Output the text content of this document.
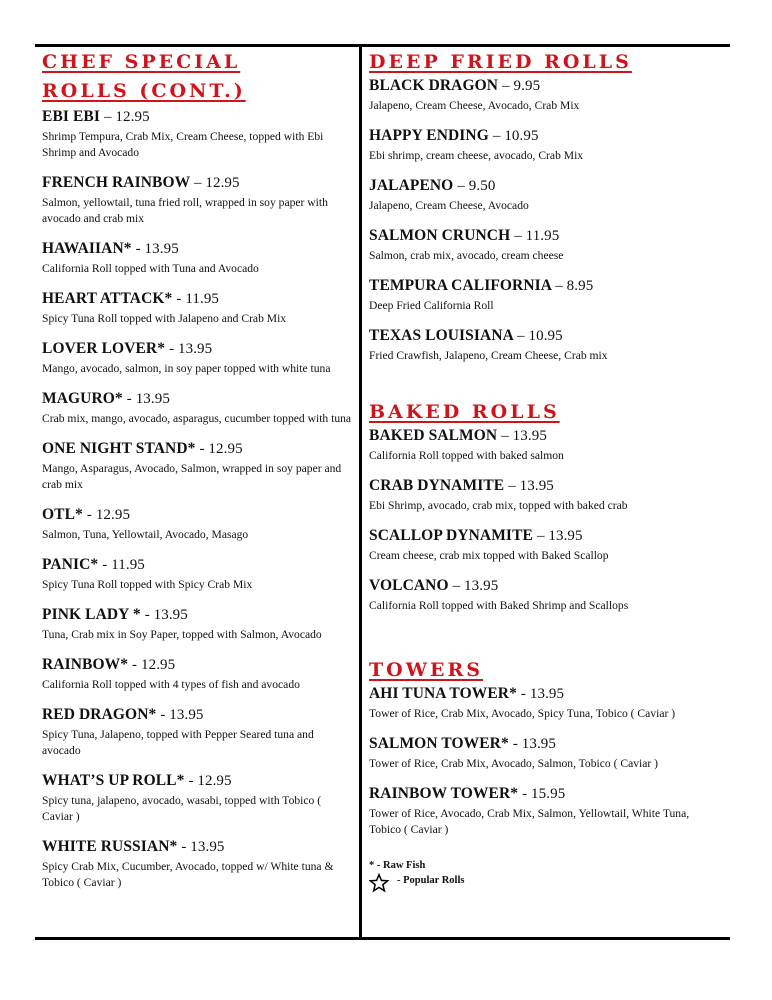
CHEF SPECIAL ROLLS (CONT.)

EBI EBI – 12.95

Shrimp Tempura, Crab Mix, Cream Cheese, topped with Ebi Shrimp and Avocado

FRENCH RAINBOW – 12.95

Salmon, yellowtail, tuna fried roll, wrapped in soy paper with avocado and crab mix

HAWAIIAN* - 13.95

California Roll topped with Tuna and Avocado

HEART ATTACK* - 11.95

Spicy Tuna Roll topped with Jalapeno and Crab Mix

LOVER LOVER* - 13.95

Mango, avocado, salmon, in soy paper topped with white tuna

MAGURO* - 13.95

Crab mix, mango, avocado, asparagus, cucumber topped with tuna

ONE NIGHT STAND* - 12.95

Mango, Asparagus, Avocado, Salmon, wrapped in soy paper and crab mix

OTL* - 12.95

Salmon, Tuna, Yellowtail, Avocado, Masago

PANIC* - 11.95

Spicy Tuna Roll topped with Spicy Crab Mix

PINK LADY * - 13.95

Tuna, Crab mix in Soy Paper, topped with Salmon, Avocado

RAINBOW* - 12.95

California Roll topped with 4 types of fish and avocado

RED DRAGON* - 13.95

Spicy Tuna, Jalapeno, topped with Pepper Seared tuna and avocado

WHAT’S UP ROLL* - 12.95

Spicy tuna, jalapeno, avocado, wasabi, topped with Tobico ( Caviar )

WHITE RUSSIAN* - 13.95

Spicy Crab Mix, Cucumber, Avocado, topped w/ White tuna & Tobico ( Caviar )

DEEP FRIED ROLLS

BLACK DRAGON – 9.95

Jalapeno, Cream Cheese, Avocado, Crab Mix

HAPPY ENDING – 10.95

Ebi shrimp, cream cheese, avocado, Crab Mix

JALAPENO – 9.50

Jalapeno, Cream Cheese, Avocado

SALMON CRUNCH – 11.95

Salmon, crab mix, avocado, cream cheese

TEMPURA CALIFORNIA – 8.95

Deep Fried California Roll

TEXAS LOUISIANA – 10.95

Fried Crawfish, Jalapeno, Cream Cheese, Crab mix

BAKED ROLLS

BAKED SALMON – 13.95

California Roll topped with baked salmon

CRAB DYNAMITE – 13.95

Ebi Shrimp, avocado, crab mix, topped with baked crab

SCALLOP DYNAMITE – 13.95

Cream cheese, crab mix topped with Baked Scallop

VOLCANO – 13.95

California Roll topped with Baked Shrimp and Scallops

TOWERS

AHI TUNA TOWER* - 13.95

Tower of Rice, Crab Mix, Avocado, Spicy Tuna, Tobico ( Caviar )

SALMON TOWER* - 13.95

Tower of Rice, Crab Mix, Avocado, Salmon, Tobico ( Caviar )

RAINBOW TOWER* - 15.95

Tower of Rice, Avocado, Crab Mix, Salmon, Yellowtail, White Tuna, Tobico ( Caviar )

* - Raw Fish
- Popular Rolls
